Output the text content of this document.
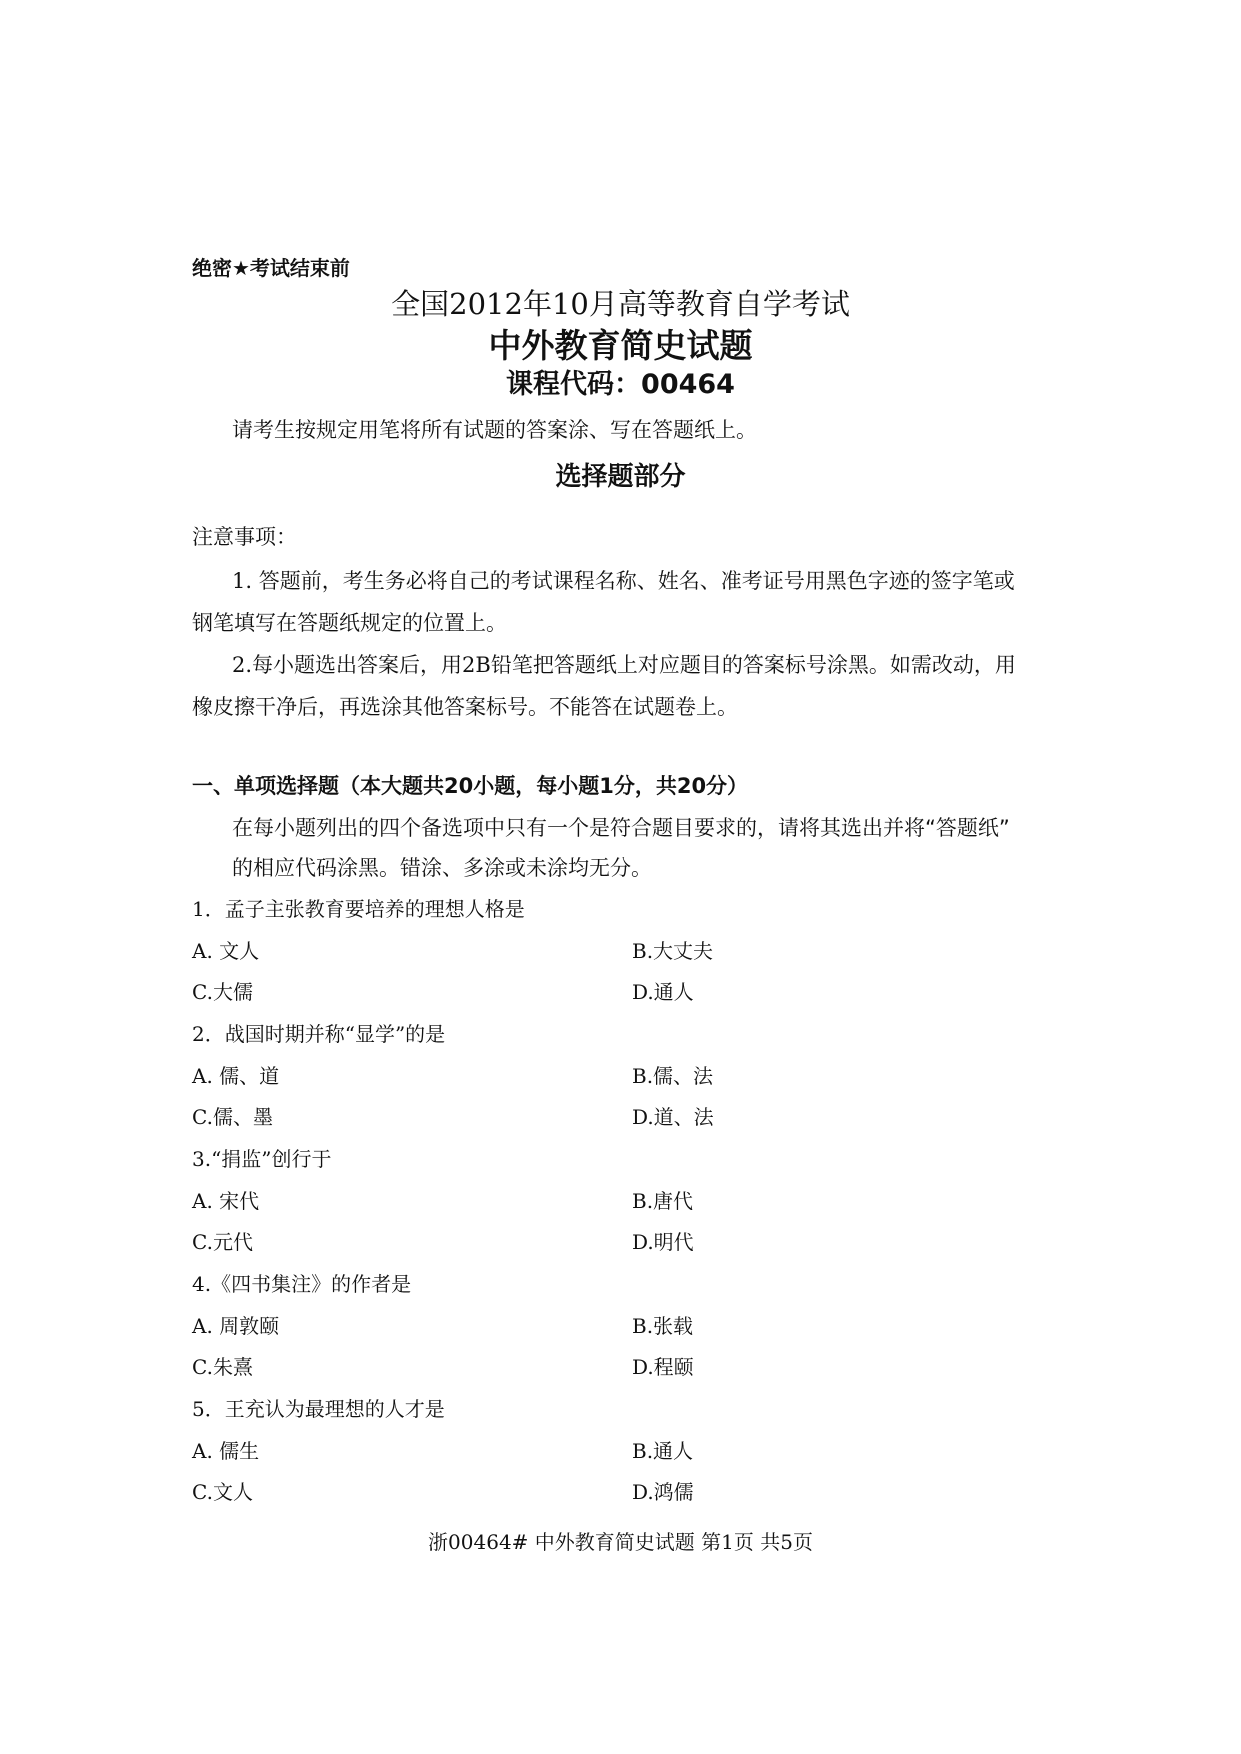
绝密★考试结束前
全国2012年10月高等教育自学考试
中外教育简史试题
课程代码：00464
请考生按规定用笔将所有试题的答案涂、写在答题纸上。
选择题部分
注意事项：
1. 答题前，考生务必将自己的考试课程名称、姓名、准考证号用黑色字迹的签字笔或
钢笔填写在答题纸规定的位置上。
2.每小题选出答案后，用2B铅笔把答题纸上对应题目的答案标号涂黑。如需改动，用
橡皮擦干净后，再选涂其他答案标号。不能答在试题卷上。
一、单项选择题（本大题共20小题，每小题1分，共20分）
在每小题列出的四个备选项中只有一个是符合题目要求的，请将其选出并将“答题纸”
的相应代码涂黑。错涂、多涂或未涂均无分。
1．孟子主张教育要培养的理想人格是
A. 文人	B.大丈夫
C.大儒	D.通人
2．战国时期并称“显学”的是
A. 儒、道	B.儒、法
C.儒、墨	D.道、法
3.“捐监”创行于
A. 宋代	B.唐代
C.元代	D.明代
4.《四书集注》的作者是
A. 周敦颐	B.张载
C.朱熹	D.程颐
5．王充认为最理想的人才是
A. 儒生	B.通人
C.文人	D.鸿儒
浙00464# 中外教育简史试题 第1页 共5页
